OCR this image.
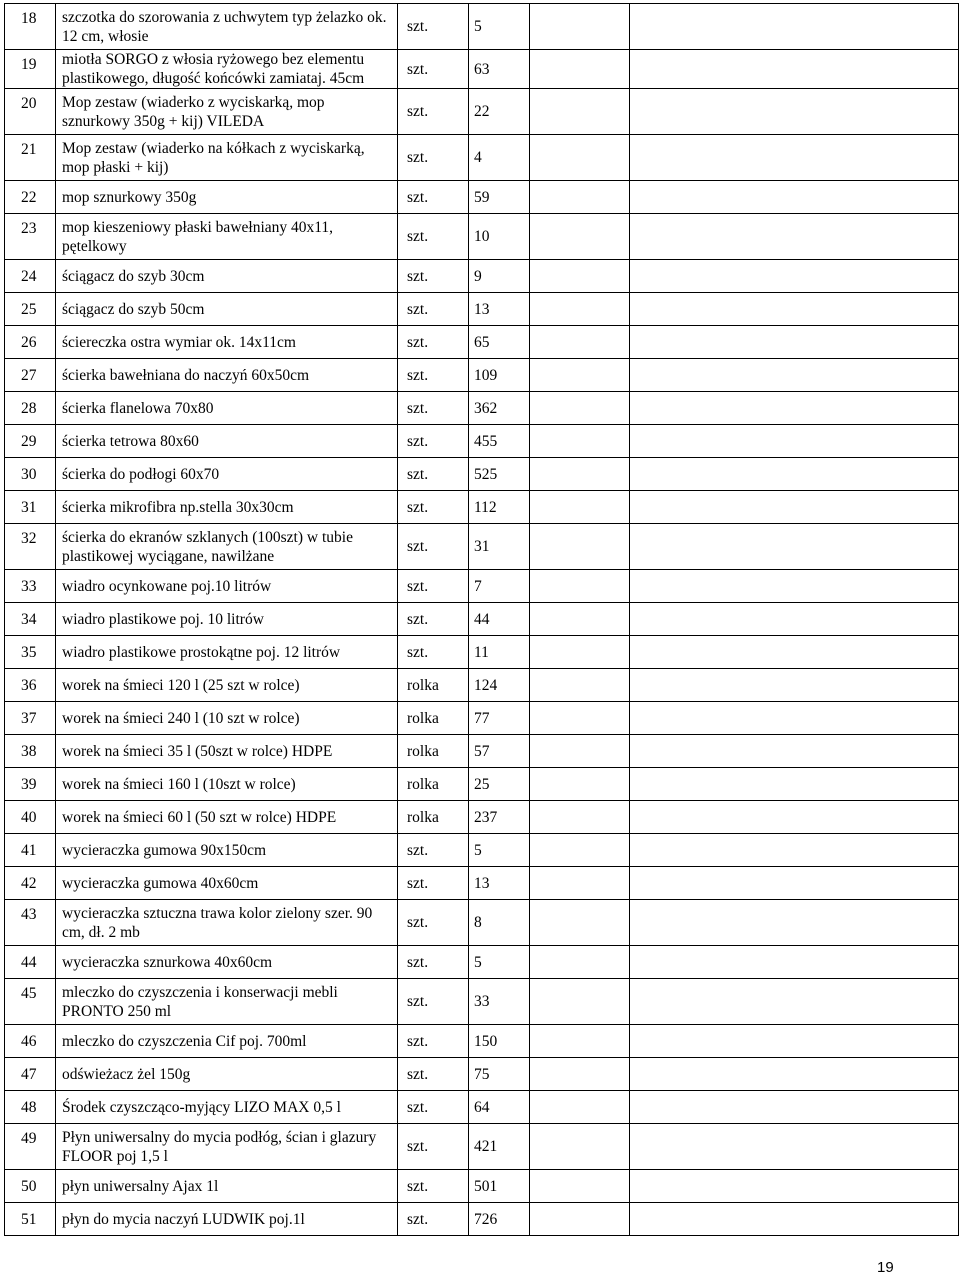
18	szczotka do szorowania z uchwytem typ żelazko ok. 12 cm, włosie	szt.	5		
19	miotła SORGO z włosia ryżowego bez elementu plastikowego, długość końcówki zamiataj. 45cm	szt.	63		
20	Mop zestaw (wiaderko z wyciskarką, mop sznurkowy 350g + kij) VILEDA	szt.	22		
21	Mop zestaw (wiaderko na kółkach z wyciskarką, mop płaski + kij)	szt.	4		
22	mop sznurkowy 350g	szt.	59		
23	mop kieszeniowy płaski bawełniany 40x11, pętelkowy	szt.	10		
24	ściągacz do szyb 30cm	szt.	9		
25	ściągacz do szyb 50cm	szt.	13		
26	ściereczka ostra wymiar ok. 14x11cm	szt.	65		
27	ścierka bawełniana do naczyń 60x50cm	szt.	109		
28	ścierka flanelowa 70x80	szt.	362		
29	ścierka tetrowa 80x60	szt.	455		
30	ścierka do podłogi 60x70	szt.	525		
31	ścierka mikrofibra np.stella 30x30cm	szt.	112		
32	ścierka do ekranów szklanych (100szt) w tubie plastikowej wyciągane, nawilżane	szt.	31		
33	wiadro ocynkowane poj.10 litrów	szt.	7		
34	wiadro plastikowe poj. 10 litrów	szt.	44		
35	wiadro plastikowe prostokątne poj. 12 litrów	szt.	11		
36	worek na śmieci 120 l (25 szt w rolce)	rolka	124		
37	worek na śmieci 240 l (10 szt w rolce)	rolka	77		
38	worek na śmieci 35 l (50szt w rolce) HDPE	rolka	57		
39	worek na śmieci 160 l (10szt w rolce)	rolka	25		
40	worek na śmieci 60 l (50 szt w rolce) HDPE	rolka	237		
41	wycieraczka gumowa 90x150cm	szt.	5		
42	wycieraczka gumowa 40x60cm	szt.	13		
43	wycieraczka sztuczna trawa kolor zielony szer. 90 cm, dł. 2 mb	szt.	8		
44	wycieraczka sznurkowa 40x60cm	szt.	5		
45	mleczko do czyszczenia i konserwacji mebli PRONTO 250 ml	szt.	33		
46	mleczko do czyszczenia Cif poj. 700ml	szt.	150		
47	odświeżacz żel 150g	szt.	75		
48	Środek czyszcząco-myjący LIZO MAX 0,5 l	szt.	64		
49	Płyn uniwersalny do mycia podłóg, ścian i glazury FLOOR poj 1,5 l	szt.	421		
50	płyn uniwersalny Ajax 1l	szt.	501		
51	płyn do mycia naczyń LUDWIK poj.1l	szt.	726		
19
